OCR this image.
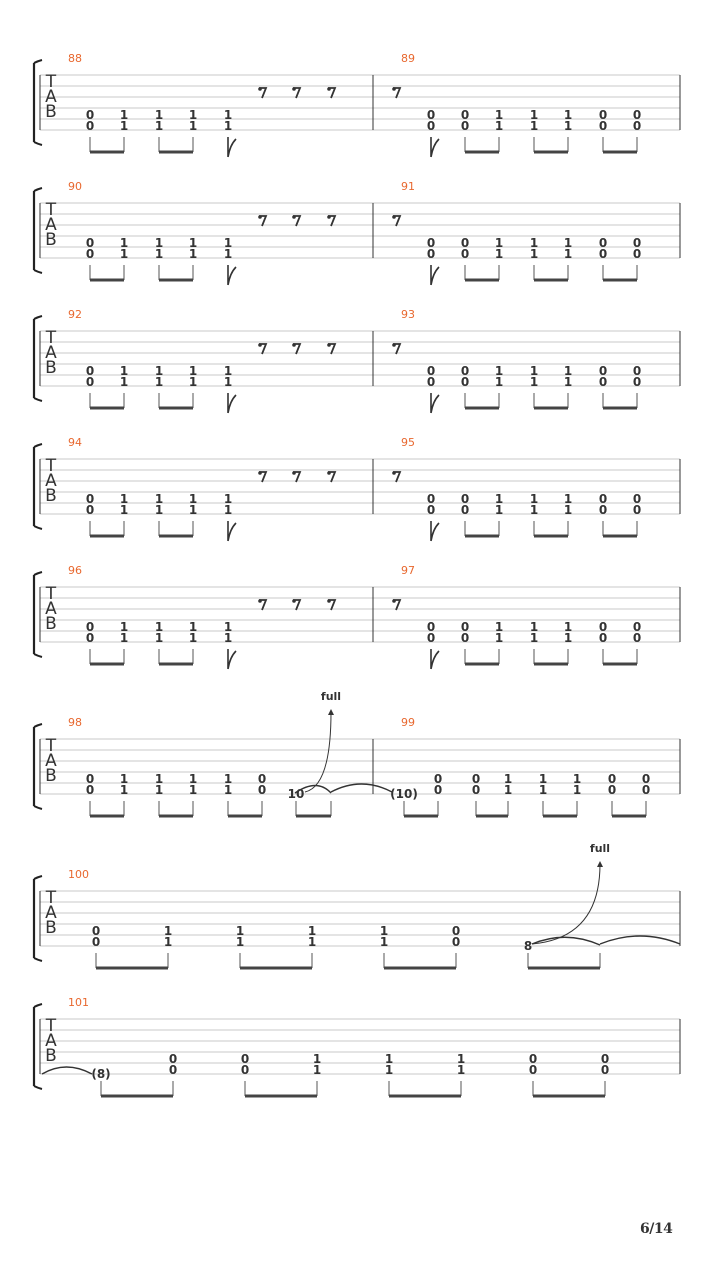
T
A
B
88
0
0
1
1
1
1
1
1
1
1
89
0
0
0
0
1
1
1
1
1
1
0
0
0
0
T
A
B
90
0
0
1
1
1
1
1
1
1
1
91
0
0
0
0
1
1
1
1
1
1
0
0
0
0
T
A
B
92
0
0
1
1
1
1
1
1
1
1
93
0
0
0
0
1
1
1
1
1
1
0
0
0
0
T
A
B
94
0
0
1
1
1
1
1
1
1
1
95
0
0
0
0
1
1
1
1
1
1
0
0
0
0
T
A
B
96
0
0
1
1
1
1
1
1
1
1
97
0
0
0
0
1
1
1
1
1
1
0
0
0
0
T
A
B
98
0
0
1
1
1
1
1
1
1
1
0
0 10
full
99
(10)
0
0
0
0
1
1
1
1
1
1
0
0
0
0
T
A
B
100
0
0
1
1
1
1
1
1
1
1
0
0	8
full
T
A
B
101
(8)
0
0
0
0
1
1
1
1
1
1
0
0
0
0
6/14
